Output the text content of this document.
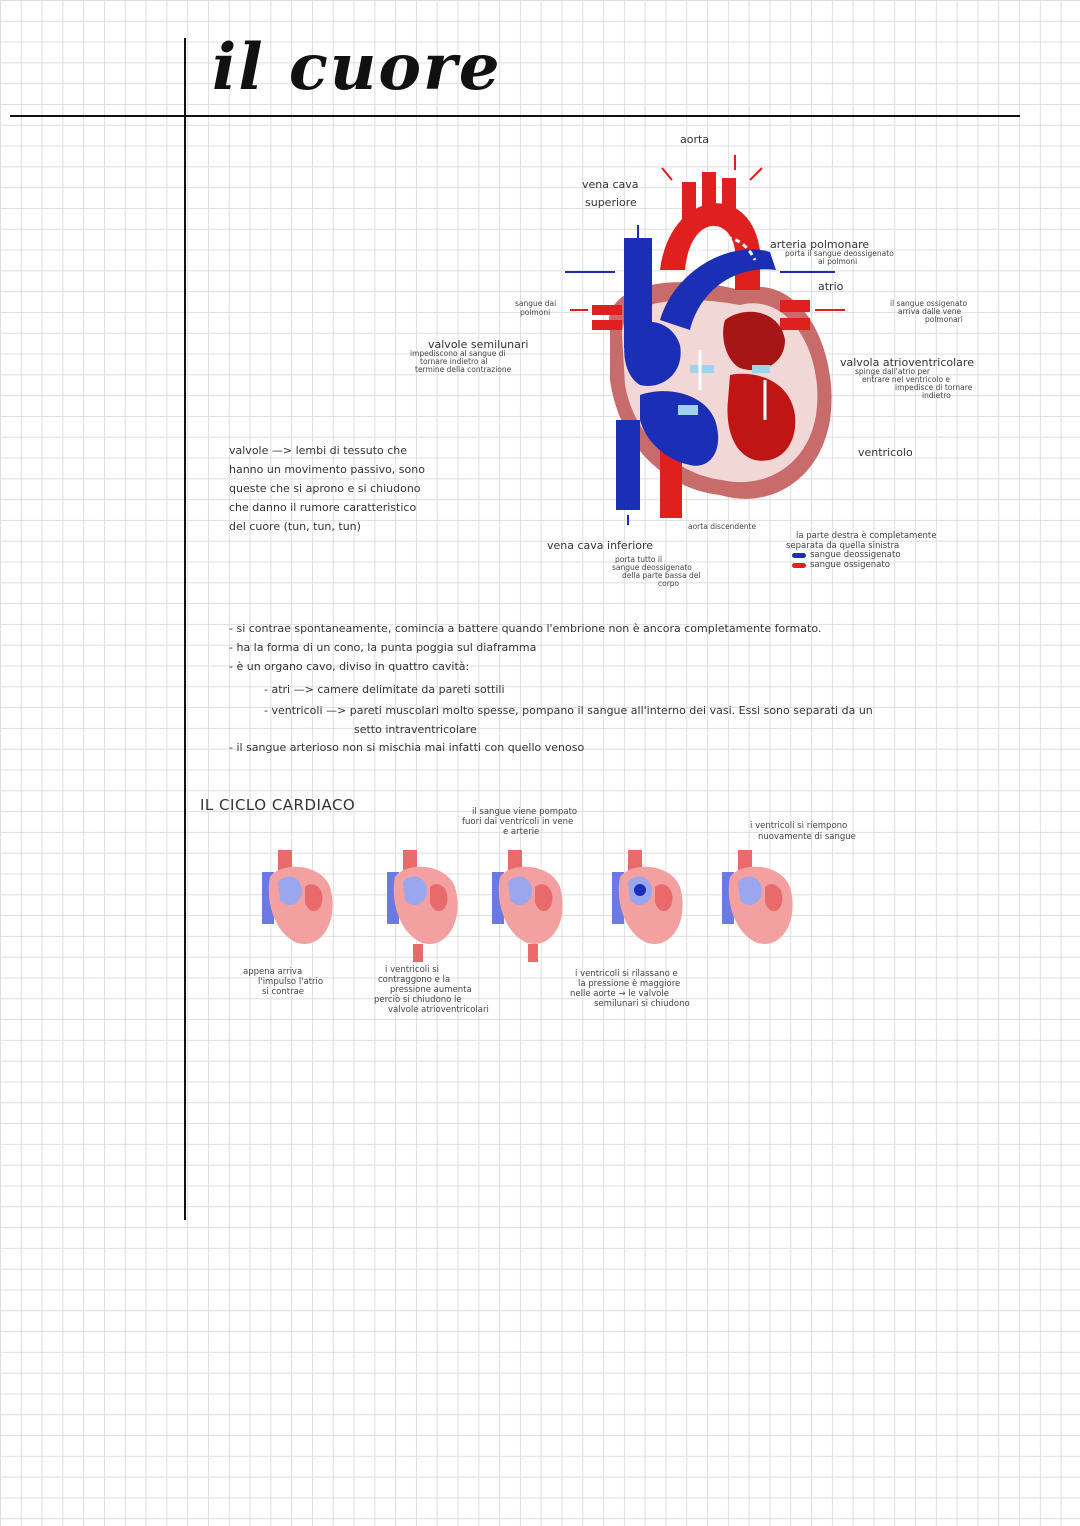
il cuore
aorta
vena cava
superiore
arteria polmonare
porta il sangue deossigenato
ai polmoni
atrio
il sangue ossigenato
arriva dalle vene
polmonari
sangue dai
polmoni
valvole semilunari
impediscono al sangue di
tornare indietro al
termine della contrazione
valvola atrioventricolare
spinge dall'atrio per
entrare nel ventricolo e
impedisce di tornare
indietro
ventricolo
vena cava inferiore
porta tutto il
sangue deossigenato
della parte bassa del
corpo
aorta discendente
la parte destra è completamente
separata da quella sinistra
sangue deossigenato
sangue ossigenato
valvole —> lembi di tessuto che
hanno un movimento passivo, sono
queste che si aprono e si chiudono
che danno il rumore caratteristico
del cuore (tun, tun, tun)
- si contrae spontaneamente, comincia a battere quando l'embrione non è ancora completamente formato.
- ha la forma di un cono, la punta poggia sul diaframma
- è un organo cavo, diviso in quattro cavità:
- atri —> camere delimitate da pareti sottili
- ventricoli —> pareti muscolari molto spesse, pompano il sangue all'interno dei vasi. Essi sono separati da un
setto intraventricolare
- il sangue arterioso non si mischia mai infatti con quello venoso
IL CICLO CARDIACO	il sangue viene pompato
fuori dai ventricoli in vene
e arterie
i ventricoli si riempono
nuovamente di sangue
appena arriva
l'impulso l'atrio
si contrae
i ventricoli si
contraggono e la
pressione aumenta
perciò si chiudono le
valvole atrioventricolari
i ventricoli si rilassano e
la pressione è maggiore
nelle aorte → le valvole
semilunari si chiudono
